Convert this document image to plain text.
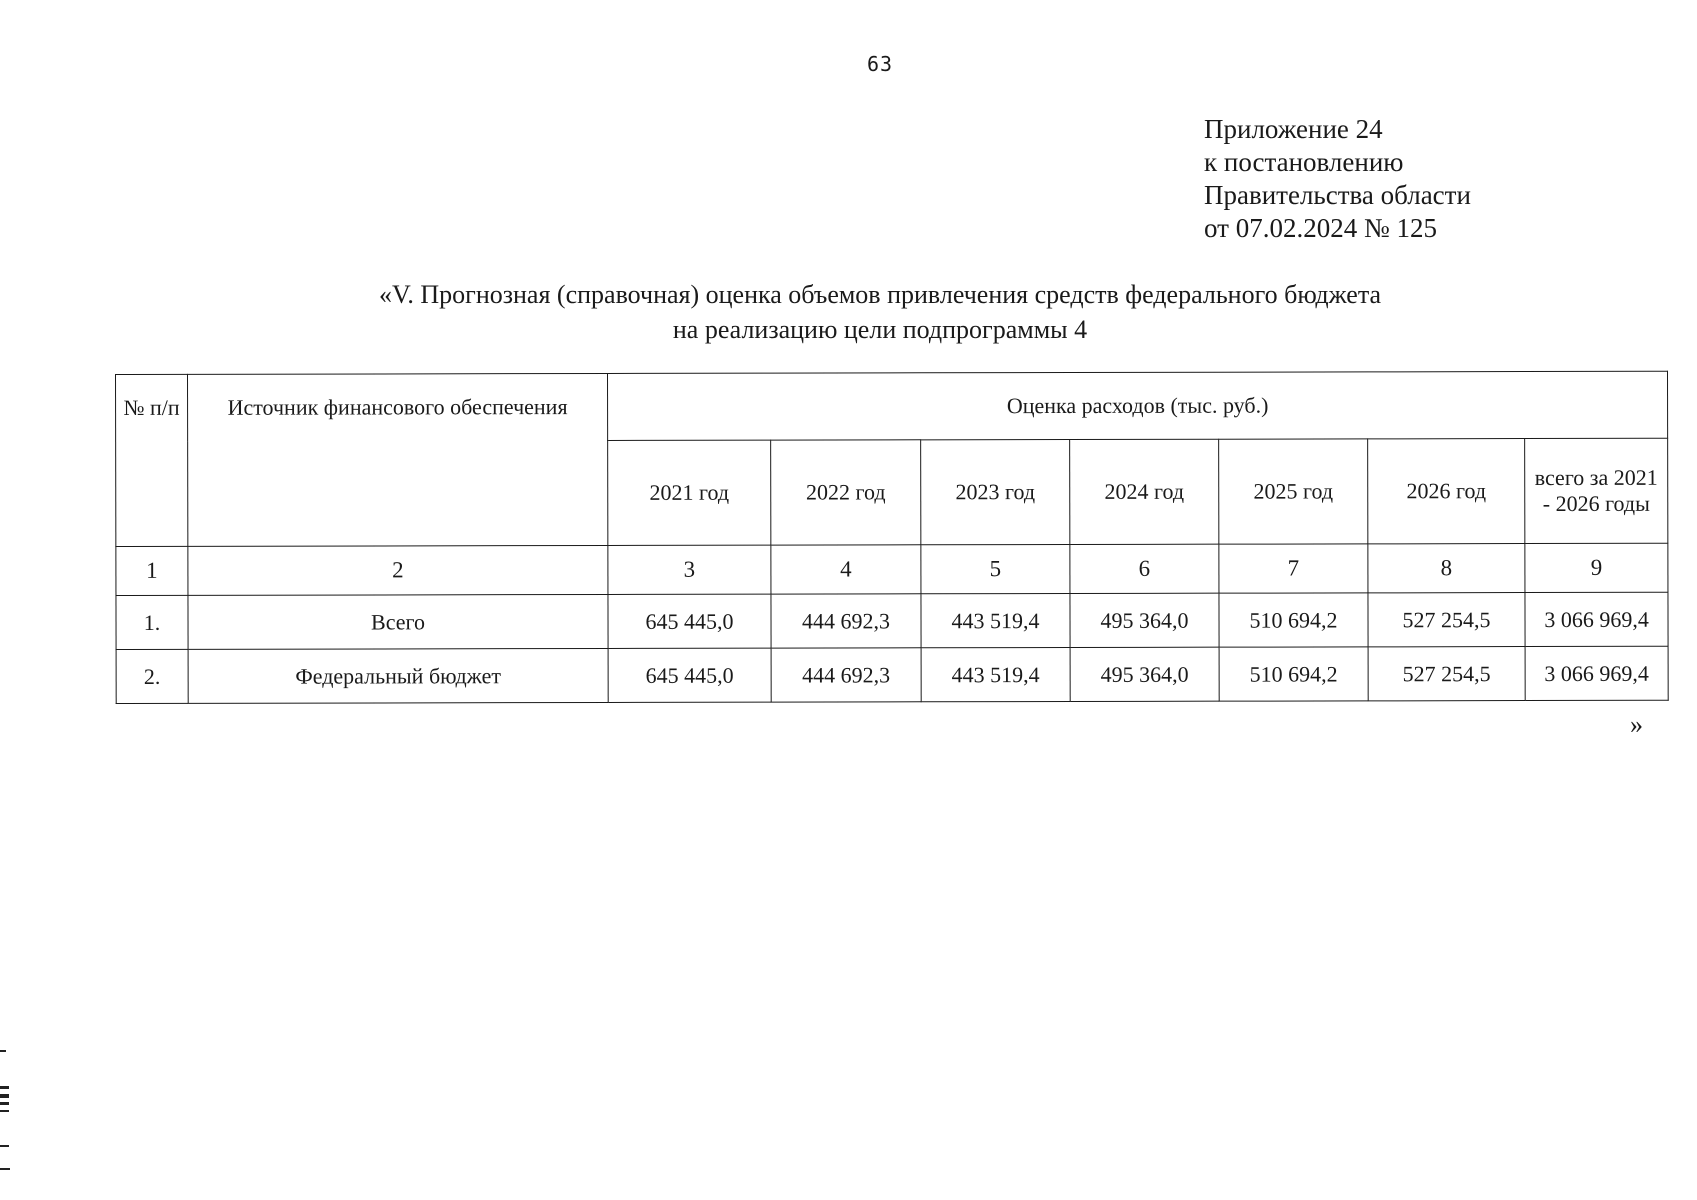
63
Приложение 24
к постановлению
Правительства области
от 07.02.2024 № 125
«V. Прогнозная (справочная) оценка объемов привлечения средств федерального бюджета
на реализацию цели подпрограммы 4
№ п/п	Источник финансового обеспечения	Оценка расходов (тыс. руб.)						
		2021 год	2022 год	2023 год	2024 год	2025 год	2026 год	всего за 2021 - 2026 годы
1	2	3	4	5	6	7	8	9
1.	Всего	645 445,0	444 692,3	443 519,4	495 364,0	510 694,2	527 254,5	3 066 969,4
2.	Федеральный бюджет	645 445,0	444 692,3	443 519,4	495 364,0	510 694,2	527 254,5	3 066 969,4
»
